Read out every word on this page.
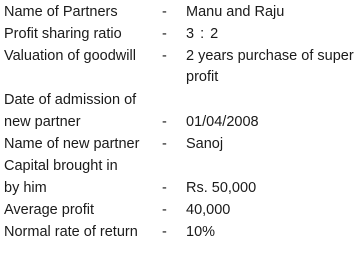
Name of Partners	- Manu and Raju
Profit sharing ratio	- 3 : 2
Valuation of goodwill - 2 years purchase of super profit
Date of admission of
new partner	- 01/04/2008
Name of new partner - Sanoj
Capital brought in
by him	- Rs. 50,000
Average profit	- 40,000
Normal rate of return - 10%
